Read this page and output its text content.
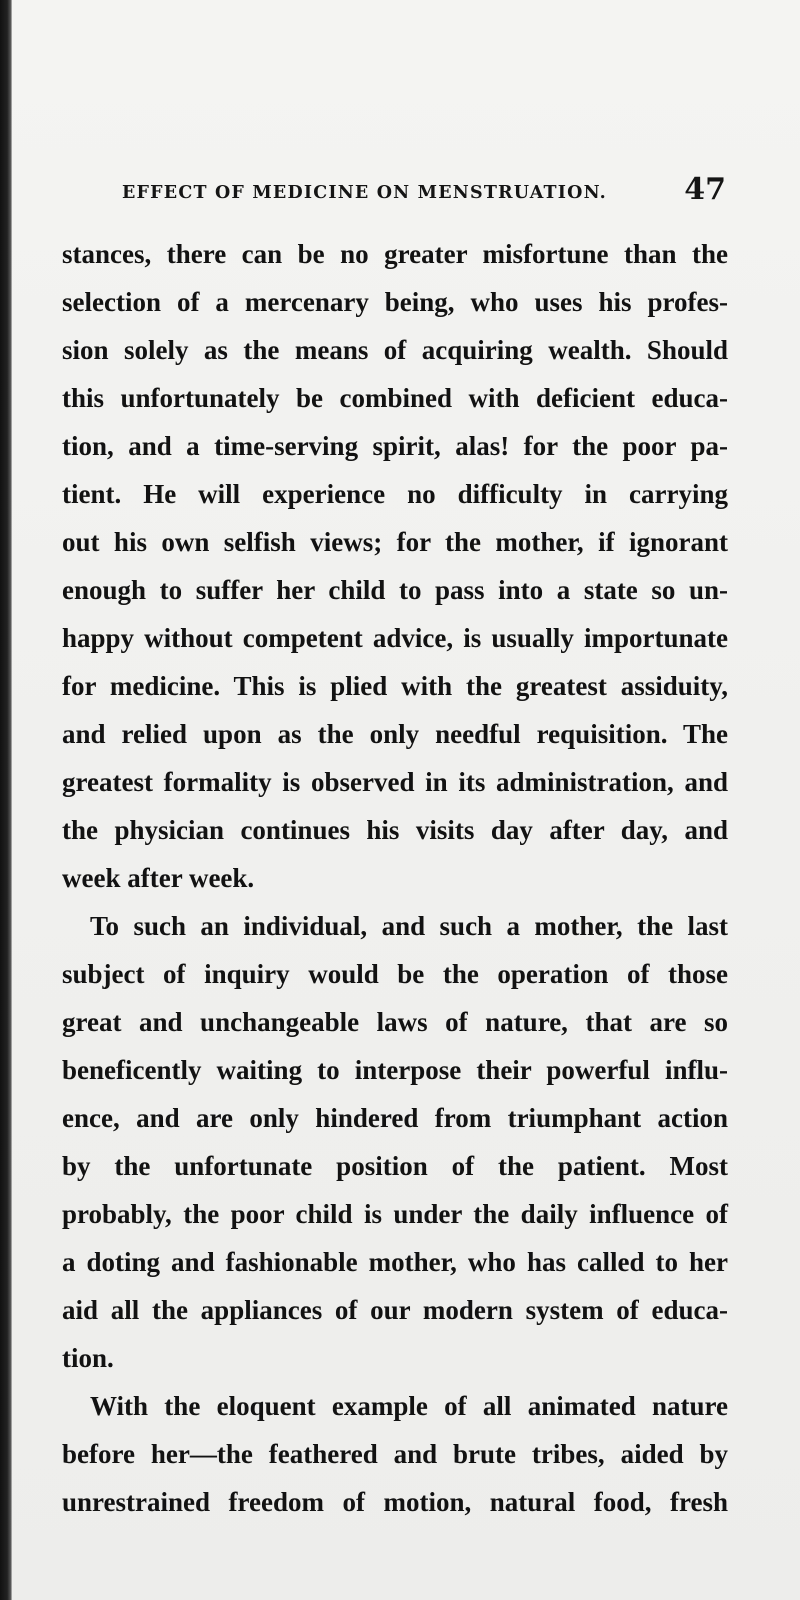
EFFECT OF MEDICINE ON MENSTRUATION.	47
stances, there can be no greater misfortune than the
selection of a mercenary being, who uses his profes-
sion solely as the means of acquiring wealth. Should
this unfortunately be combined with deficient educa-
tion, and a time-serving spirit, alas! for the poor pa-
tient. He will experience no difficulty in carrying
out his own selfish views; for the mother, if ignorant
enough to suffer her child to pass into a state so un-
happy without competent advice, is usually importunate
for medicine. This is plied with the greatest assiduity,
and relied upon as the only needful requisition. The
greatest formality is observed in its administration, and
the physician continues his visits day after day, and
week after week.
To such an individual, and such a mother, the last
subject of inquiry would be the operation of those
great and unchangeable laws of nature, that are so
beneficently waiting to interpose their powerful influ-
ence, and are only hindered from triumphant action
by the unfortunate position of the patient. Most
probably, the poor child is under the daily influence of
a doting and fashionable mother, who has called to her
aid all the appliances of our modern system of educa-
tion.
With the eloquent example of all animated nature
before her—the feathered and brute tribes, aided by
unrestrained freedom of motion, natural food, fresh
